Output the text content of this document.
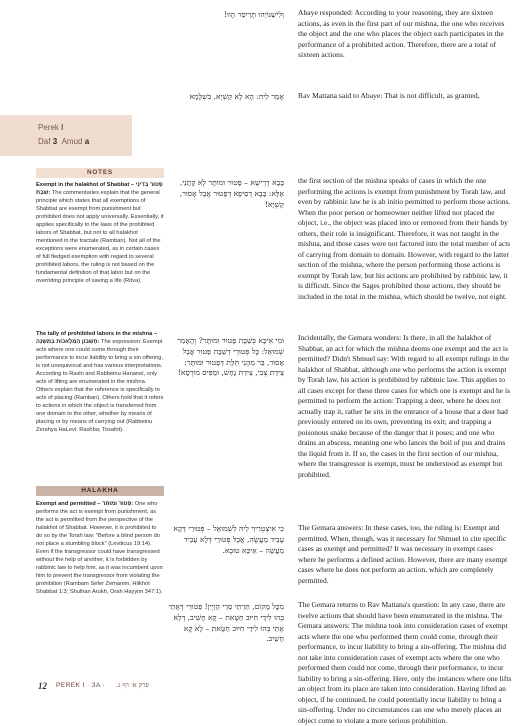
וְלִישַׁנּוֹיְהוּ תְּרֵיסַר הָווּ! Abaye responded: According to your reasoning, they are sixteen actions, as even in the first part of our mishna, the one who receives the object and the one who places the object each participates in the performance of a prohibited action. Therefore, there are a total of sixteen actions.
אָמַר לֵיהּ: הָא לָא קַשְׁיָא, בִּשְׁלָמָא Rav Mattana said to Abaye: That is not difficult, as granted,
Perek I
Daf 3 Amud a
NOTES
Exempt in the halakhot of Shabbat – פָּטוּר בְּדִינֵי שַׁבָּת: The commentaries explain that the general principle which states that all exemptions of Shabbat are exempt from punishment but prohibited does not apply universally. Essentially, it applies specifically to the laws of the prohibited labors of Shabbat, but not to all halakhot mentioned in the tractate (Ramban). Not all of the exceptions were enumerated, as in certain cases of full fledged exemption with regard to several prohibited labors, the ruling is not based on the fundamental definition of that labor but on the overriding principle of saving a life (Ritva).
The tally of prohibited labors in the mishna – חֶשְׁבּוֹן הַמְּלָאכוֹת בַּמִּשְׁנָה: The expression: Exempt acts where one could come through their performance to incur liability to bring a sin offering, is not unequivocal and has various interpretations. According to Rashi and Rabbeinu Hananel, only acts of lifting are enumerated in the mishna. Others explain that the reference is specifically to acts of placing (Ramban). Others hold that it refers to actions in which the object is transferred from one domain to the other, whether by means of placing or by means of carrying out (Rabbeinu Zerahya HaLevi; Rashba; Tosafot).
HALAKHA
Exempt and permitted – פָּטוּר וּמוּתָּר: One who performs the act is exempt from punishment, as the act is permitted from the perspective of the halakhot of Shabbat. However, it is prohibited to do so by the Torah law: "Before a blind person do not place a stumbling block" (Leviticus 19:14). Even if the transgressor could have transgressed without the help of another, it is forbidden by rabbinic law to help him, as it was incumbent upon him to prevent the transgressor from violating the prohibition (Rambam Sefer Zemanim, Hilkhot Shabbat 1:3; Shulhan Arukh, Orah Hayyim 347:1).
בָּבָא דְרֵישָׁא – פָּטוּר וּמוּתָּר לָא קָתָנֵי, אֶלָּא: בָּבָא דְסֵיפָא דְפָטוּר אֲבָל אָסוּר, קַשְׁיָא!
the first section of the mishna speaks of cases in which the one performing the actions is exempt from punishment by Torah law, and even by rabbinic law he is ab initio permitted to perform those actions. When the poor person or homeowner neither lifted nor placed the object, i.e., the object was placed into or removed from their hands by others, their role is insignificant. Therefore, it was not taught in the mishna, and those cases were not factored into the total number of acts of carrying from domain to domain. However, with regard to the latter section of the mishna, where the person performing those actions is exempt by Torah law, but his actions are prohibited by rabbinic law, it is difficult. Since the Sages prohibited those actions, they should be included in the total in the mishna, which should be twelve, not eight.
וּמִי אִיכָּא בְּשַׁבָּת פָּטוּר וּמוּתָּר? וְהָאָמַר שְׁמוּאֵל: כׇּל פְּטוּרֵי דְשַׁבָּת פָּטוּר אֲבָל אָסוּר, בַּר מֵהָנֵי תְּלָת דְּפָטוּר וּמוּתָּר: צֵידַת צְבִי, צֵידַת נָחָשׁ, וּמַפִּיס מוּרְסָא!
Incidentally, the Gemara wonders: Is there, in all the halakhot of Shabbat, an act for which the mishna deems one exempt and the act is permitted? Didn't Shmuel say: With regard to all exempt rulings in the halakhot of Shabbat, although one who performs the action is exempt by Torah law, his action is prohibited by rabbinic law. This applies to all cases except for these three cases for which one is exempt and he is permitted to perform the action: Trapping a deer, where he does not actually trap it, rather he sits in the entrance of a house that a deer had previously entered on its own, preventing its exit; and trapping a poisonous snake because of the danger that it poses; and one who drains an abscess, meaning one who lances the boil of pus and drains the liquid from it. If so, the cases in the first section of our mishna, where the transgressor is exempt, must be understood as exempt but prohibited.
כִּי אִיצְטְרִיךְ לֵיהּ לִשְׁמוּאֵל – פְּטוּרֵי דְּקָא עָבֵיד מַעֲשֶׂה, אֲבָל פְּטוּרֵי דְּלָא עָבֵיד מַעֲשֶׂה – אֵיכָּא טוּבָא.
The Gemara answers: In these cases, too, the ruling is: Exempt and permitted. When, though, was it necessary for Shmuel to cite specific cases as exempt and permitted? It was necessary in exempt cases where he performs a defined action. However, there are many exempt cases where he does not perform an action, which are completely permitted.
מִכׇּל מָקוֹם, תַּרְתֵּי סְרֵי הָוְיָין! פְּטוּרֵי דְּאָתֵי בְּהוּ לִידֵי חִיּוּב חַטָּאת – קָא חָשֵׁיב, דְּלָא אָתֵי בְּהוּ לִידֵי חִיּוּב חַטָּאת – לָא קָא חָשֵׁיב.
The Gemara returns to Rav Mattana's question: In any case, there are twelve actions that should have been enumerated in the mishna. The Gemara answers: The mishna took into consideration cases of exempt acts where the one who performed them could come, through their performance, to incur liability to bring a sin-offering. The mishna did not take into consideration cases of exempt acts where the one who performed them could not come, through their performance, to incur liability to bring a sin-offering. Here, only the instances where one lifts an object from its place are taken into consideration. Having lifted an object, if he continued, he could potentially incur liability to bring a sin-offering. Under no circumstances can one who merely places an object come to violate a more serious prohibition.
12 PEREK I · 3A · פרק א׳ דף ג.
